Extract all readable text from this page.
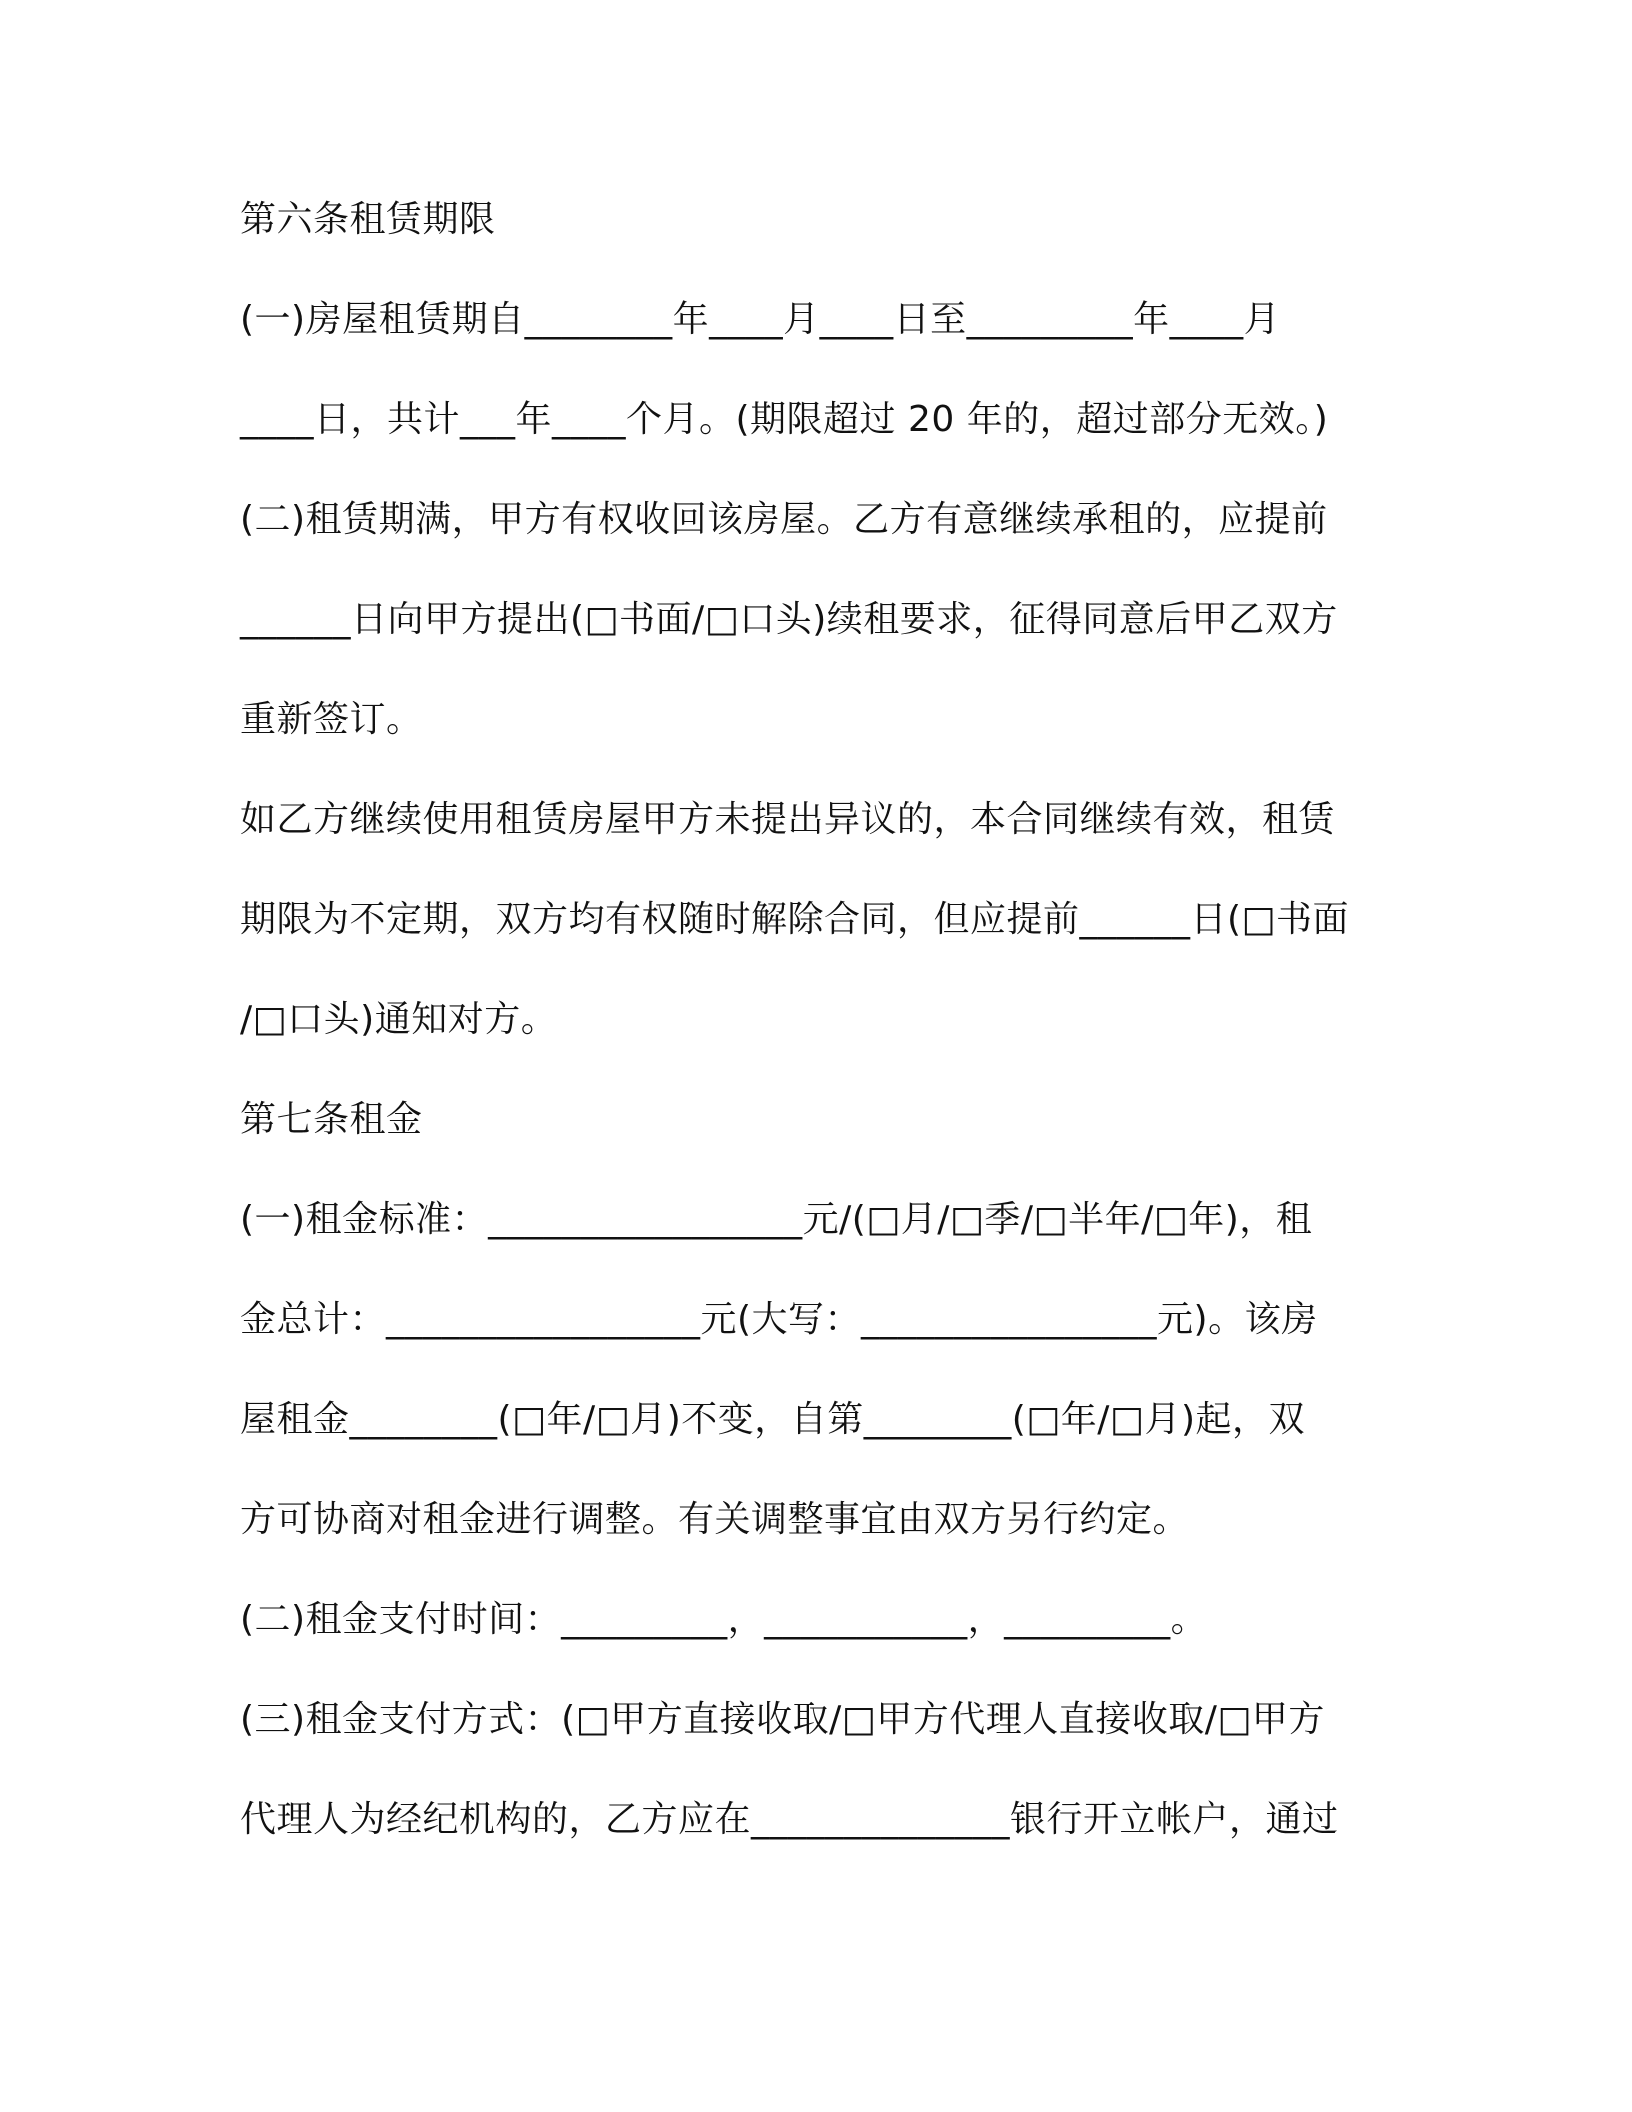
第六条租赁期限
(一)房屋租赁期自________年____月____日至_________年____月
____日，共计___年____个月。(期限超过 20 年的，超过部分无效。)
(二)租赁期满，甲方有权收回该房屋。乙方有意继续承租的，应提前
______日向甲方提出(□书面/□口头)续租要求，征得同意后甲乙双方
重新签订。
如乙方继续使用租赁房屋甲方未提出异议的，本合同继续有效，租赁
期限为不定期，双方均有权随时解除合同，但应提前______日(□书面
/□口头)通知对方。
第七条租金
(一)租金标准：_________________元/(□月/□季/□半年/□年)，租
金总计：_________________元(大写：________________元)。该房
屋租金________(□年/□月)不变，自第________(□年/□月)起，双
方可协商对租金进行调整。有关调整事宜由双方另行约定。
(二)租金支付时间：_________，___________，_________。
(三)租金支付方式：(□甲方直接收取/□甲方代理人直接收取/□甲方
代理人为经纪机构的，乙方应在______________银行开立帐户，通过
